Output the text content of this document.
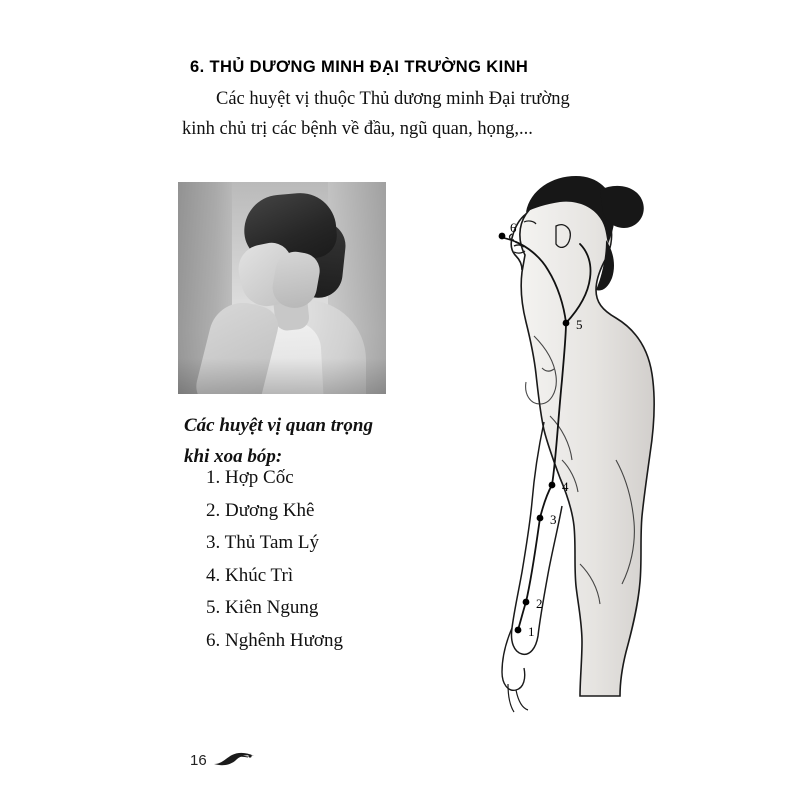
6. THỦ DƯƠNG MINH ĐẠI TRƯỜNG KINH
Các huyệt vị thuộc Thủ dương minh Đại trường
kinh chủ trị các bệnh về đầu, ngũ quan, họng,...
Các huyệt vị quan trọng
khi xoa bóp:
1. Hợp Cốc
2. Dương Khê
3. Thủ Tam Lý
4. Khúc Trì
5. Kiên Ngung
6. Nghênh Hương	1
2
3
4
5
6
16
